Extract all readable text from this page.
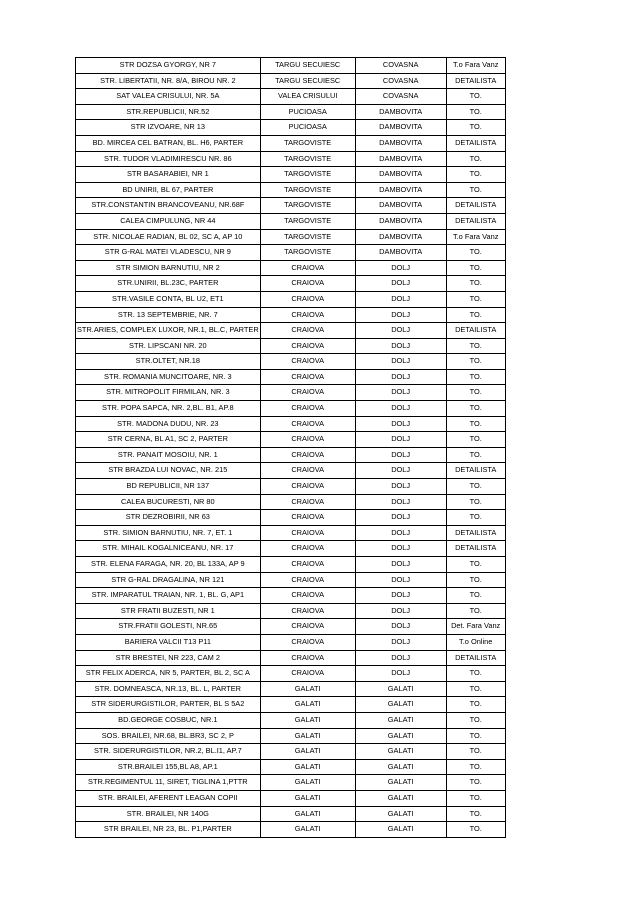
STR DOZSA GYORGY, NR 7	TARGU SECUIESC	COVASNA	T.o Fara Vanz
STR. LIBERTATII, NR. 8/A, BIROU NR. 2	TARGU SECUIESC	COVASNA	DETAILISTA
SAT VALEA CRISULUI, NR. 5A	VALEA CRISULUI	COVASNA	TO.
STR.REPUBLICII, NR.52	PUCIOASA	DAMBOVITA	TO.
STR IZVOARE, NR 13	PUCIOASA	DAMBOVITA	TO.
BD. MIRCEA CEL BATRAN, BL. H6, PARTER	TARGOVISTE	DAMBOVITA	DETAILISTA
STR. TUDOR VLADIMIRESCU NR. 86	TARGOVISTE	DAMBOVITA	TO.
STR BASARABIEI, NR 1	TARGOVISTE	DAMBOVITA	TO.
BD UNIRII, BL 67, PARTER	TARGOVISTE	DAMBOVITA	TO.
STR.CONSTANTIN BRANCOVEANU, NR.68F	TARGOVISTE	DAMBOVITA	DETAILISTA
CALEA CIMPULUNG, NR 44	TARGOVISTE	DAMBOVITA	DETAILISTA
STR. NICOLAE RADIAN, BL 02, SC A, AP 10	TARGOVISTE	DAMBOVITA	T.o Fara Vanz
STR G-RAL MATEI VLADESCU, NR 9	TARGOVISTE	DAMBOVITA	TO.
STR SIMION BARNUTIU, NR 2	CRAIOVA	DOLJ	TO.
STR.UNIRII, BL.23C, PARTER	CRAIOVA	DOLJ	TO.
STR.VASILE CONTA, BL U2, ET1	CRAIOVA	DOLJ	TO.
STR. 13 SEPTEMBRIE, NR. 7	CRAIOVA	DOLJ	TO.
STR.ARIES, COMPLEX LUXOR, NR.1, BL.C, PARTER	CRAIOVA	DOLJ	DETAILISTA
STR. LIPSCANI NR. 20	CRAIOVA	DOLJ	TO.
STR.OLTET, NR.18	CRAIOVA	DOLJ	TO.
STR. ROMANIA MUNCITOARE, NR. 3	CRAIOVA	DOLJ	TO.
STR. MITROPOLIT FIRMILAN, NR. 3	CRAIOVA	DOLJ	TO.
STR. POPA SAPCA, NR. 2,BL. B1, AP.8	CRAIOVA	DOLJ	TO.
STR. MADONA DUDU, NR. 23	CRAIOVA	DOLJ	TO.
STR CERNA, BL A1, SC 2, PARTER	CRAIOVA	DOLJ	TO.
STR. PANAIT MOSOIU, NR. 1	CRAIOVA	DOLJ	TO.
STR BRAZDA LUI NOVAC, NR. 215	CRAIOVA	DOLJ	DETAILISTA
BD REPUBLICII, NR 137	CRAIOVA	DOLJ	TO.
CALEA BUCURESTI, NR 80	CRAIOVA	DOLJ	TO.
STR DEZROBIRII, NR 63	CRAIOVA	DOLJ	TO.
STR. SIMION BARNUTIU, NR. 7, ET. 1	CRAIOVA	DOLJ	DETAILISTA
STR. MIHAIL KOGALNICEANU, NR. 17	CRAIOVA	DOLJ	DETAILISTA
STR. ELENA FARAGA, NR. 20, BL 133A, AP 9	CRAIOVA	DOLJ	TO.
STR G-RAL DRAGALINA, NR 121	CRAIOVA	DOLJ	TO.
STR. IMPARATUL TRAIAN, NR. 1, BL. G, AP1	CRAIOVA	DOLJ	TO.
STR FRATII BUZESTI, NR 1	CRAIOVA	DOLJ	TO.
STR.FRATII GOLESTI, NR.65	CRAIOVA	DOLJ	Det. Fara Vanz
BARIERA VALCII T13 P11	CRAIOVA	DOLJ	T.o Online
STR BRESTEI, NR 223, CAM 2	CRAIOVA	DOLJ	DETAILISTA
STR FELIX ADERCA, NR 5, PARTER, BL 2, SC A	CRAIOVA	DOLJ	TO.
STR. DOMNEASCA, NR.13, BL. L, PARTER	GALATI	GALATI	TO.
STR SIDERURGISTILOR, PARTER, BL S 5A2	GALATI	GALATI	TO.
BD.GEORGE COSBUC, NR.1	GALATI	GALATI	TO.
SOS. BRAILEI, NR.68, BL.BR3, SC 2, P	GALATI	GALATI	TO.
STR. SIDERURGISTILOR, NR.2, BL.I1, AP.7	GALATI	GALATI	TO.
STR.BRAILEI 155,BL A8, AP.1	GALATI	GALATI	TO.
STR.REGIMENTUL 11, SIRET, TIGLINA 1,PTTR	GALATI	GALATI	TO.
STR. BRAILEI, AFERENT LEAGAN COPII	GALATI	GALATI	TO.
STR. BRAILEI, NR 140G	GALATI	GALATI	TO.
STR BRAILEI, NR 23, BL. P1,PARTER	GALATI	GALATI	TO.
